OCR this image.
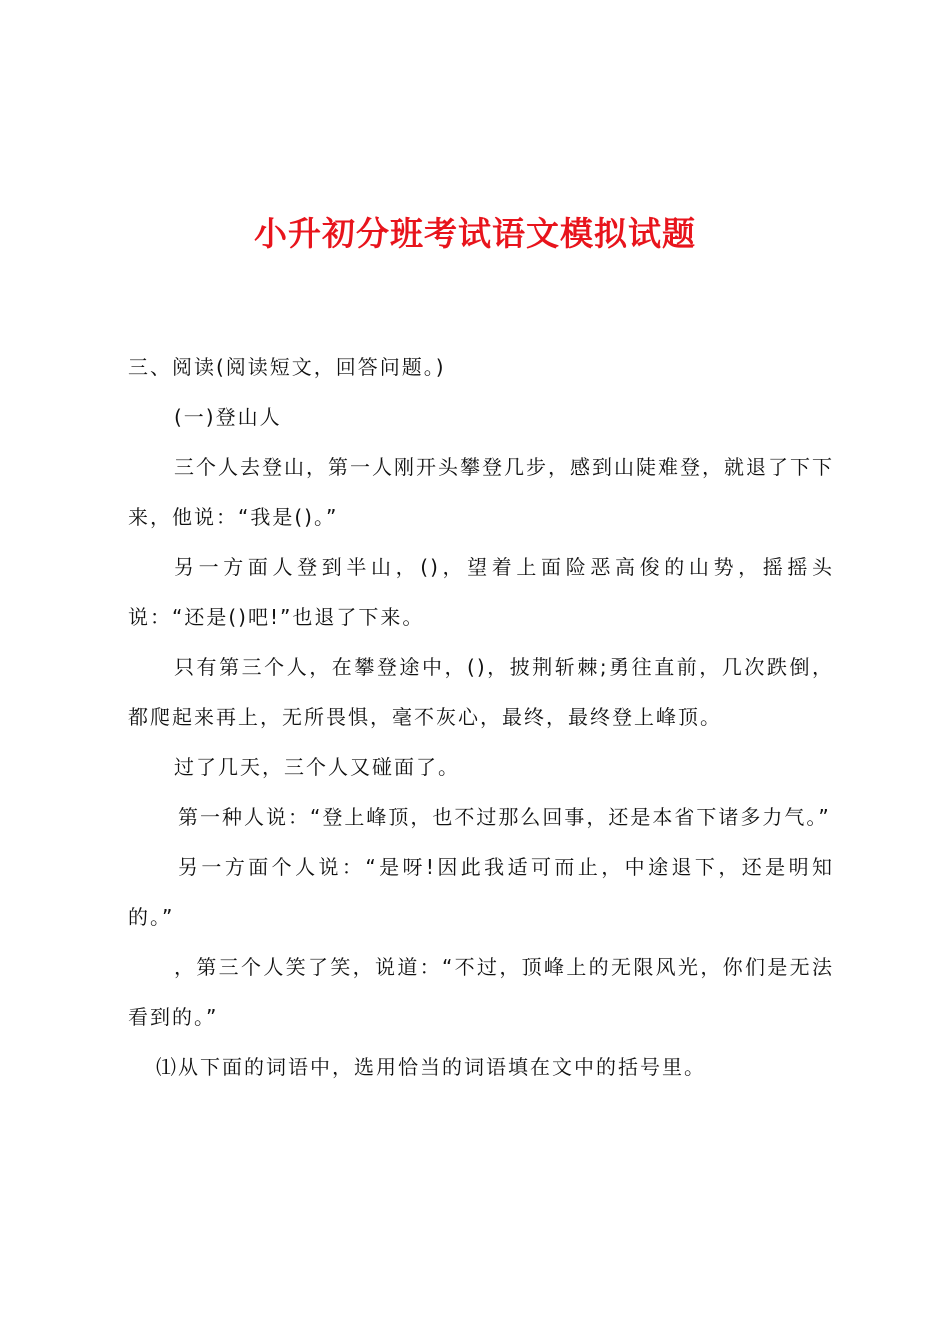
小升初分班考试语文模拟试题

三、阅读(阅读短文，回答问题。)

(一)登山人

三个人去登山，第一人刚开头攀登几步，感到山陡难登，就退了下下来，他说：“我是()。”

另一方面人登到半山，()，望着上面险恶高俊的山势，摇摇头说：“还是()吧!”也退了下来。

只有第三个人，在攀登途中，()，披荆斩棘;勇往直前，几次跌倒，都爬起来再上，无所畏惧，毫不灰心，最终，最终登上峰顶。

过了几天，三个人又碰面了。

第一种人说：“登上峰顶，也不过那么回事，还是本省下诸多力气。”

另一方面个人说：“是呀!因此我适可而止，中途退下，还是明知的。”

，第三个人笑了笑，说道：“不过，顶峰上的无限风光，你们是无法看到的。”

⑴从下面的词语中，选用恰当的词语填在文中的括号里。
